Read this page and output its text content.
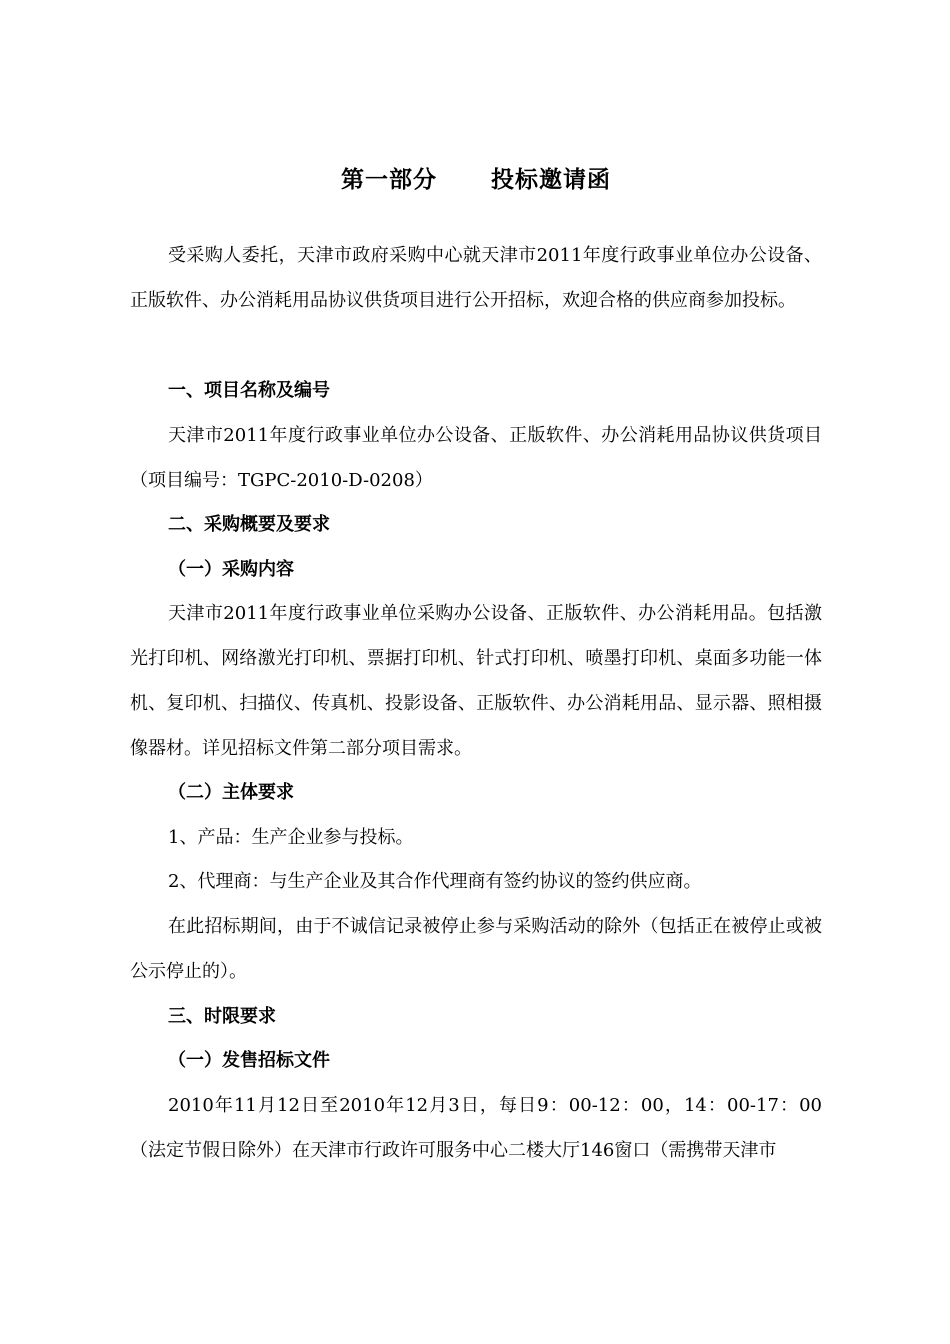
第一部分      投标邀请函
受采购人委托，天津市政府采购中心就天津市2011年度行政事业单位办公设备、正版软件、办公消耗用品协议供货项目进行公开招标，欢迎合格的供应商参加投标。
一、项目名称及编号
天津市2011年度行政事业单位办公设备、正版软件、办公消耗用品协议供货项目（项目编号：TGPC-2010-D-0208）
二、采购概要及要求
（一）采购内容
天津市2011年度行政事业单位采购办公设备、正版软件、办公消耗用品。包括激光打印机、网络激光打印机、票据打印机、针式打印机、喷墨打印机、桌面多功能一体机、复印机、扫描仪、传真机、投影设备、正版软件、办公消耗用品、显示器、照相摄像器材。详见招标文件第二部分项目需求。
（二）主体要求
1、产品：生产企业参与投标。
2、代理商：与生产企业及其合作代理商有签约协议的签约供应商。
在此招标期间，由于不诚信记录被停止参与采购活动的除外（包括正在被停止或被公示停止的）。
三、时限要求
（一）发售招标文件
2010年11月12日至2010年12月3日，每日9：00-12：00，14：00-17：00（法定节假日除外）在天津市行政许可服务中心二楼大厅146窗口（需携带天津市
